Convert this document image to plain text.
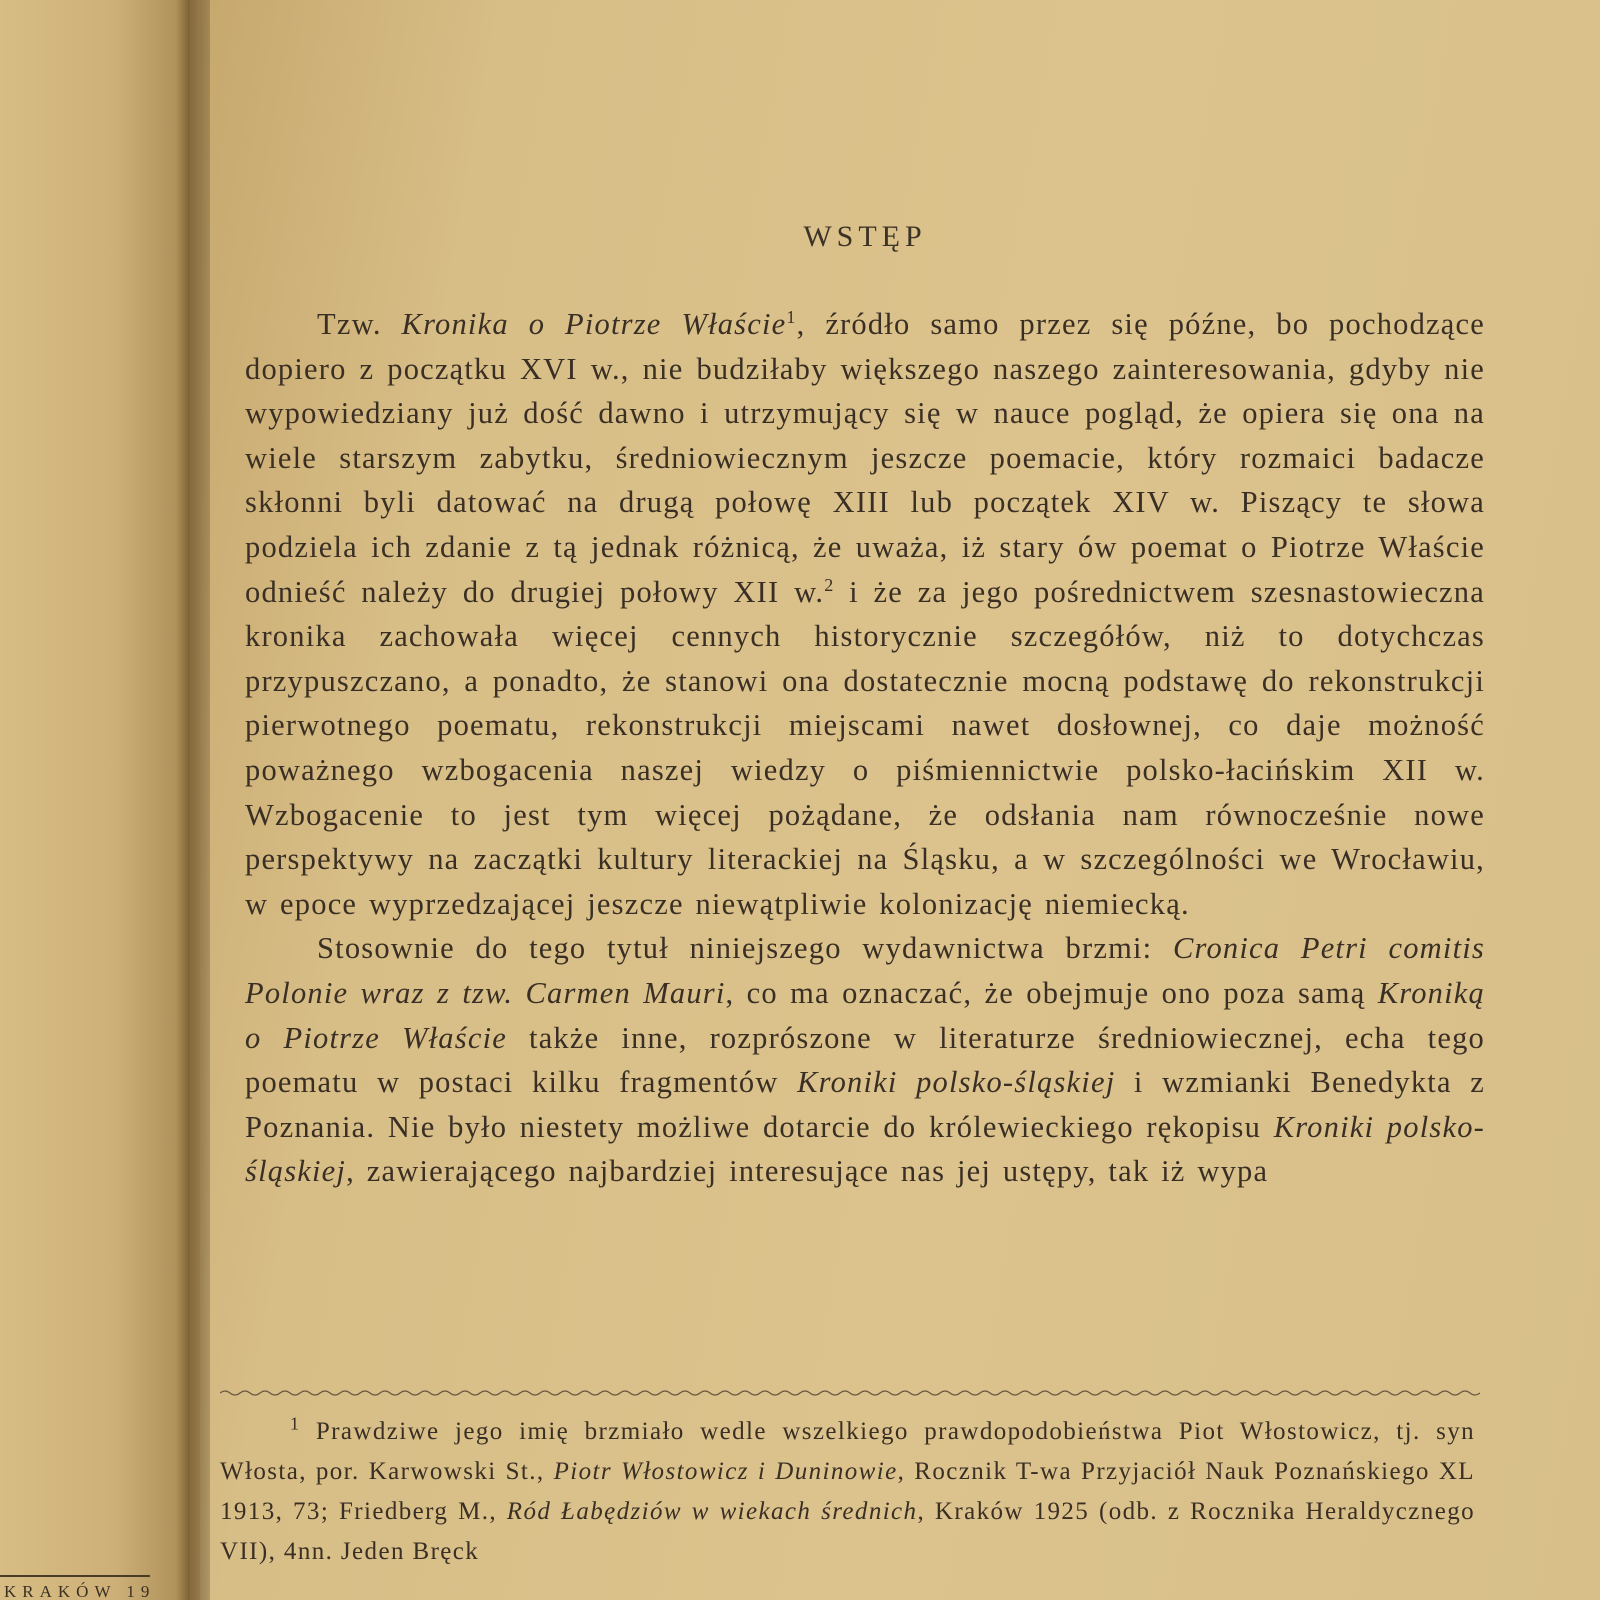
KRAKÓW 19
WSTĘP

Tzw. Kronika o Piotrze Właście$^1$, źródło samo przez się późne, bo pochodzące dopiero z początku XVI w., nie budziłaby większego naszego zainteresowania, gdyby nie wypowiedziany już dość dawno i utrzymujący się w nauce pogląd, że opiera się ona na wiele starszym zabytku, średniowiecznym jeszcze poemacie, który rozmaici badacze skłonni byli datować na drugą połowę XIII lub początek XIV w. Piszący te słowa podziela ich zdanie z tą jednak różnicą, że uważa, iż stary ów poemat o Piotrze Właście odnieść należy do drugiej połowy XII w.$^2$ i że za jego pośrednictwem szesnastowieczna kronika zachowała więcej cennych historycznie szczegółów, niż to dotychczas przypuszczano, a ponadto, że stanowi ona dostatecznie mocną podstawę do rekonstrukcji pierwotnego poematu, rekonstrukcji miejscami nawet dosłownej, co daje możność poważnego wzbogacenia naszej wiedzy o piśmiennictwie polsko-łacińskim XII w. Wzbogacenie to jest tym więcej pożądane, że odsłania nam równocześnie nowe perspektywy na zaczątki kultury literackiej na Śląsku, a w szczególności we Wrocławiu, w epoce wyprzedzającej jeszcze niewątpliwie kolonizację niemiecką.

Stosownie do tego tytuł niniejszego wydawnictwa brzmi: Cronica Petri comitis Polonie wraz z tzw. Carmen Mauri, co ma oznaczać, że obejmuje ono poza samą Kroniką o Piotrze Właście także inne, rozprószone w literaturze średniowiecznej, echa tego poematu w postaci kilku fragmentów Kroniki polsko-śląskiej i wzmianki Benedykta z Poznania. Nie było niestety możliwe dotarcie do królewieckiego rękopisu Kroniki polsko-śląskiej, zawierającego najbardziej interesujące nas jej ustępy, tak iż wypa

$^1$ Prawdziwe jego imię brzmiało wedle wszelkiego prawdopodobieństwa Piot Włostowicz, tj. syn Włosta, por. Karwowski St., Piotr Włostowicz i Duninowie, Rocznik T-wa Przyjaciół Nauk Poznańskiego XL 1913, 73; Friedberg M., Ród Łabędziów w wiekach średnich, Kraków 1925 (odb. z Rocznika Heraldycznego VII), 4nn. Jeden Bręck
